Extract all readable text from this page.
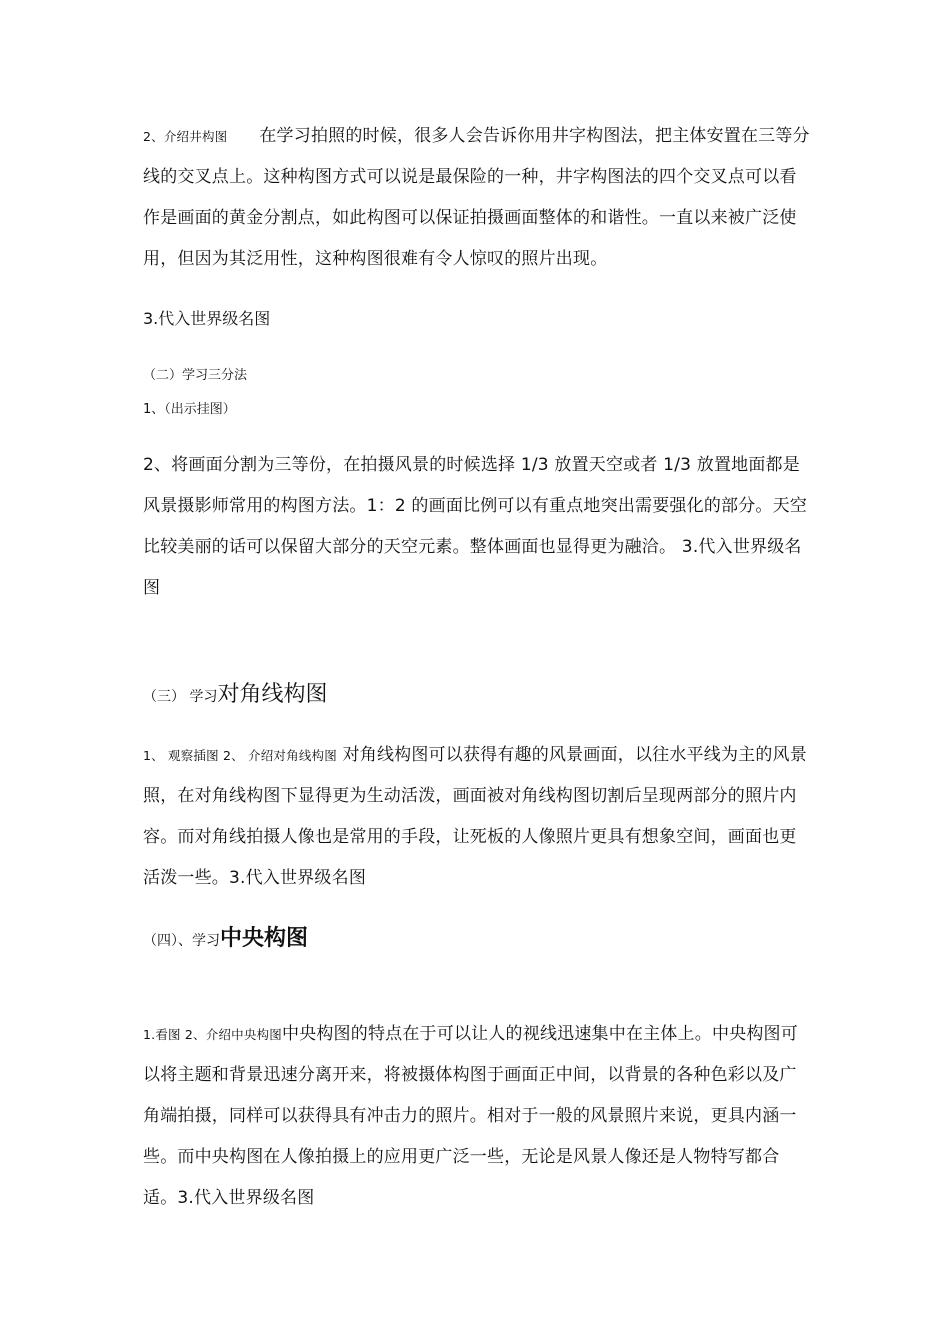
2、介绍井构图 在学习拍照的时候，很多人会告诉你用井字构图法，把主体安置在三等分线的交叉点上。这种构图方式可以说是最保险的一种，井字构图法的四个交叉点可以看作是画面的黄金分割点，如此构图可以保证拍摄画面整体的和谐性。一直以来被广泛使用，但因为其泛用性，这种构图很难有令人惊叹的照片出现。

3.代入世界级名图

（二）学习三分法

1、（出示挂图）

2、将画面分割为三等份，在拍摄风景的时候选择 1/3 放置天空或者 1/3 放置地面都是风景摄影师常用的构图方法。1：2 的画面比例可以有重点地突出需要强化的部分。天空比较美丽的话可以保留大部分的天空元素。整体画面也显得更为融洽。 3.代入世界级名图

（三） 学习对角线构图

1、 观察插图 2、 介绍对角线构图 对角线构图可以获得有趣的风景画面，以往水平线为主的风景照，在对角线构图下显得更为生动活泼，画面被对角线构图切割后呈现两部分的照片内容。而对角线拍摄人像也是常用的手段，让死板的人像照片更具有想象空间，画面也更活泼一些。3.代入世界级名图

（四）、学习中央构图

1.看图 2、介绍中央构图中央构图的特点在于可以让人的视线迅速集中在主体上。中央构图可以将主题和背景迅速分离开来，将被摄体构图于画面正中间，以背景的各种色彩以及广角端拍摄，同样可以获得具有冲击力的照片。相对于一般的风景照片来说，更具内涵一些。而中央构图在人像拍摄上的应用更广泛一些，无论是风景人像还是人物特写都合适。3.代入世界级名图
